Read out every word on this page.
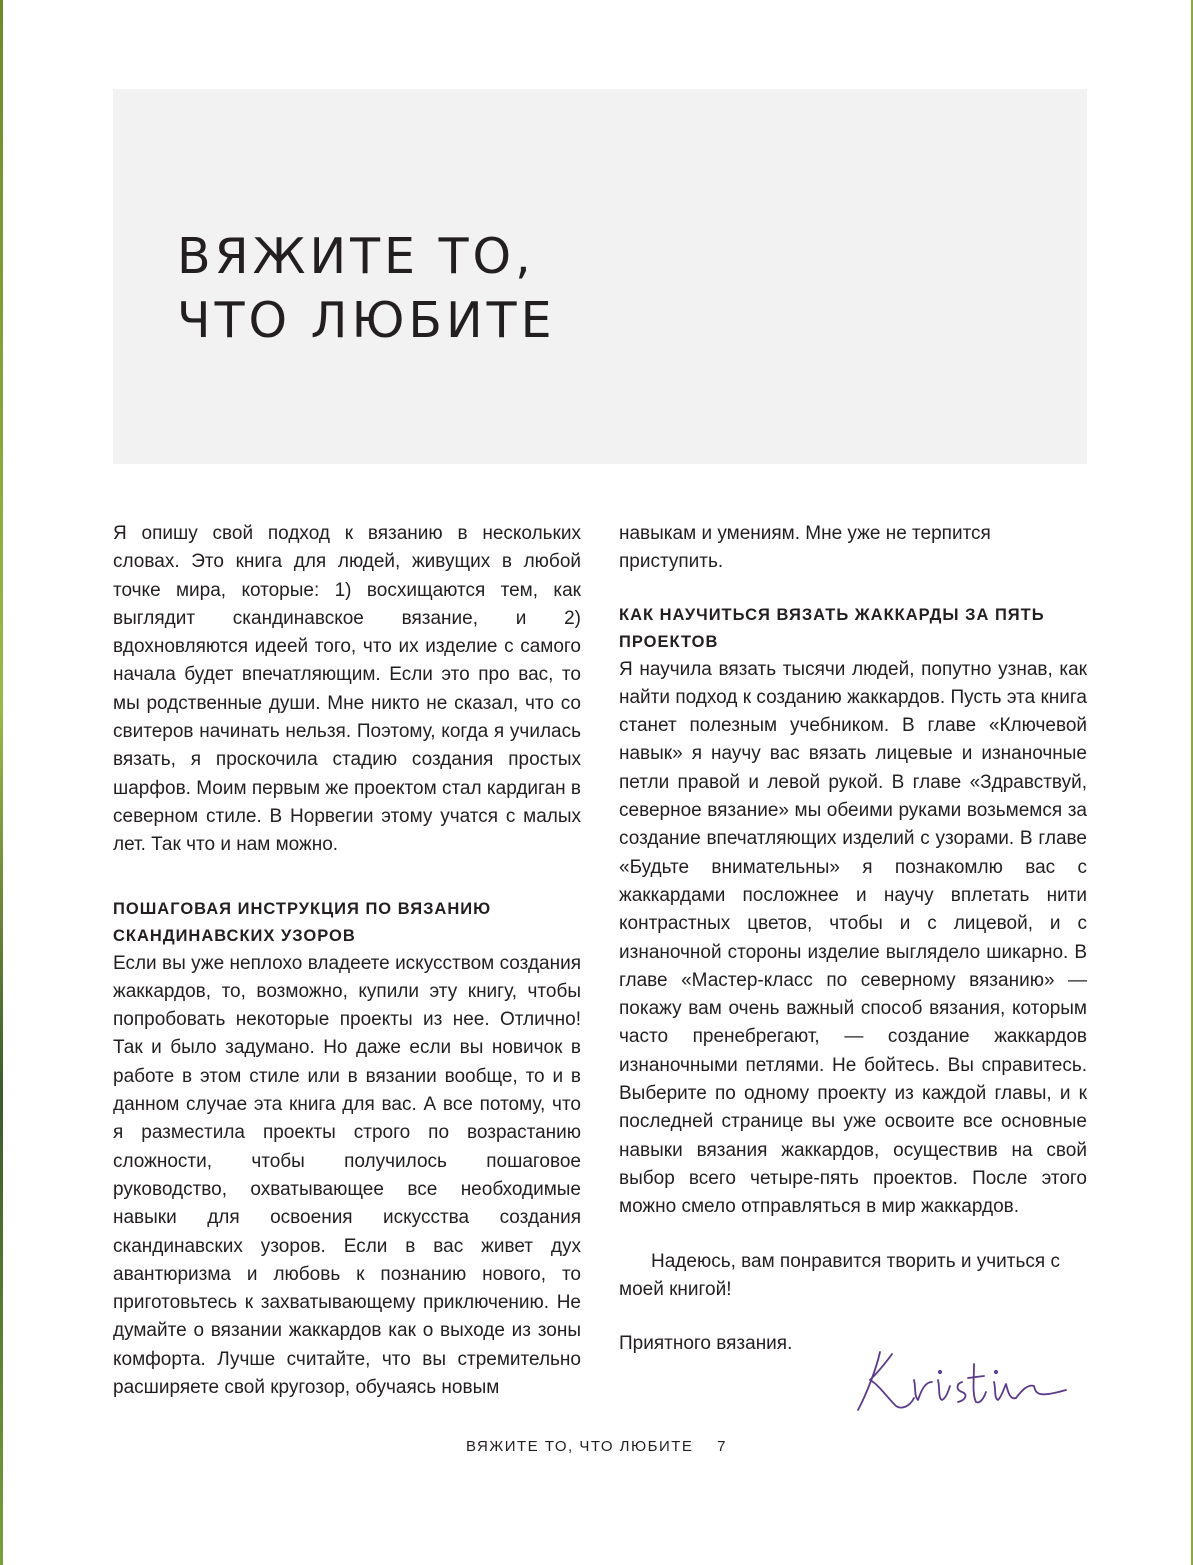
ВЯЖИТЕ ТО,
ЧТО ЛЮБИТЕ

Я опишу свой подход к вязанию в нескольких словах. Это книга для людей, живущих в любой точке мира, которые: 1) восхищаются тем, как выглядит скандинавское вязание, и 2) вдохновляются идеей того, что их изделие с самого начала будет впечатляющим. Если это про вас, то мы родственные души. Мне никто не сказал, что со свитеров начинать нельзя. Поэтому, когда я училась вязать, я проскочила стадию создания простых шарфов. Моим первым же проектом стал кардиган в северном стиле. В Норвегии этому учатся с малых лет. Так что и нам можно.

ПОШАГОВАЯ ИНСТРУКЦИЯ ПО ВЯЗАНИЮ СКАНДИНАВСКИХ УЗОРОВ

Если вы уже неплохо владеете искусством создания жаккардов, то, возможно, купили эту книгу, чтобы попробовать некоторые проекты из нее. Отлично! Так и было задумано. Но даже если вы новичок в работе в этом стиле или в вязании вообще, то и в данном случае эта книга для вас. А все потому, что я разместила проекты строго по возрастанию сложности, чтобы получилось пошаговое руководство, охватывающее все необходимые навыки для освоения искусства создания скандинавских узоров. Если в вас живет дух авантюризма и любовь к познанию нового, то приготовьтесь к захватывающему приключению. Не думайте о вязании жаккардов как о выходе из зоны комфорта. Лучше считайте, что вы стремительно расширяете свой кругозор, обучаясь новым

навыкам и умениям. Мне уже не терпится приступить.

КАК НАУЧИТЬСЯ ВЯЗАТЬ ЖАККАРДЫ ЗА ПЯТЬ ПРОЕКТОВ

Я научила вязать тысячи людей, попутно узнав, как найти подход к созданию жаккардов. Пусть эта книга станет полезным учебником. В главе «Ключевой навык» я научу вас вязать лицевые и изнаночные петли правой и левой рукой. В главе «Здравствуй, северное вязание» мы обеими руками возьмемся за создание впечатляющих изделий с узорами. В главе «Будьте внимательны» я познакомлю вас с жаккардами посложнее и научу вплетать нити контрастных цветов, чтобы и с лицевой, и с изнаночной стороны изделие выглядело шикарно. В главе «Мастер-класс по северному вязанию» — покажу вам очень важный способ вязания, которым часто пренебрегают, — создание жаккардов изнаночными петлями. Не бойтесь. Вы справитесь. Выберите по одному проекту из каждой главы, и к последней странице вы уже освоите все основные навыки вязания жаккардов, осуществив на свой выбор всего четыре-пять проектов. После этого можно смело отправляться в мир жаккардов.

Надеюсь, вам понравится творить и учиться с моей книгой!

Приятного вязания.

ВЯЖИТЕ ТО, ЧТО ЛЮБИТЕ 7
